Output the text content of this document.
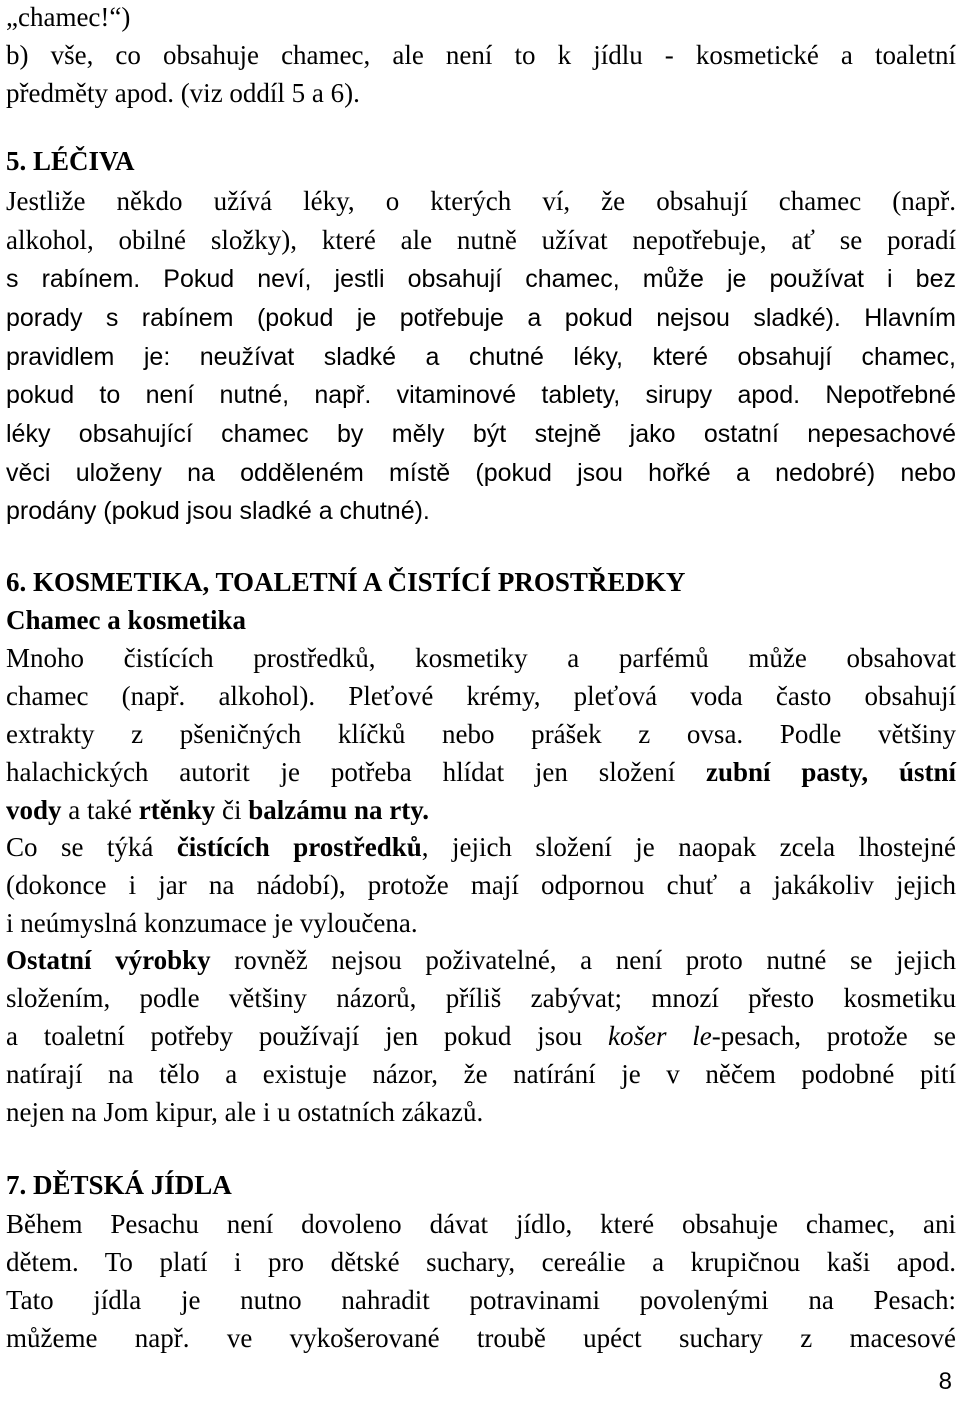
„chamec!“)
b) vše, co obsahuje chamec, ale není to k jídlu - kosmetické a toaletní
předměty apod. (viz oddíl 5 a 6).
5. LÉČIVA
Jestliže někdo užívá léky, o kterých ví, že obsahují chamec (např.
alkohol, obilné složky), které ale nutně užívat nepotřebuje, ať se poradí
s rabínem. Pokud neví, jestli obsahují chamec, může je používat i bez
porady s rabínem (pokud je potřebuje a pokud nejsou sladké). Hlavním
pravidlem je: neužívat sladké a chutné léky, které obsahují chamec,
pokud to není nutné, např. vitaminové tablety, sirupy apod. Nepotřebné
léky obsahující chamec by měly být stejně jako ostatní nepesachové
věci uloženy na odděleném místě (pokud jsou hořké a nedobré) nebo
prodány (pokud jsou sladké a chutné).
6. KOSMETIKA, TOALETNÍ A ČISTÍCÍ PROSTŘEDKY
Chamec a kosmetika
Mnoho čistících prostředků, kosmetiky a parfémů může obsahovat
chamec (např. alkohol). Pleťové krémy, pleťová voda často obsahují
extrakty z pšeničných klíčků nebo prášek z ovsa. Podle většiny
halachických autorit je potřeba hlídat jen složení zubní pasty, ústní
vody a také rtěnky či balzámu na rty.
Co se týká čistících prostředků, jejich složení je naopak zcela lhostejné
(dokonce i jar na nádobí), protože mají odpornou chuť a jakákoliv jejich
i neúmyslná konzumace je vyloučena.
Ostatní výrobky rovněž nejsou poživatelné, a není proto nutné se jejich
složením, podle většiny názorů, příliš zabývat; mnozí přesto kosmetiku
a toaletní potřeby používají jen pokud jsou košer le-pesach, protože se
natírají na tělo a existuje názor, že natírání je v něčem podobné pití
nejen na Jom kipur, ale i u ostatních zákazů.
7. DĚTSKÁ JÍDLA
Během Pesachu není dovoleno dávat jídlo, které obsahuje chamec, ani
dětem. To platí i pro dětské suchary, cereálie a krupičnou kaši apod.
Tato jídla je nutno nahradit potravinami povolenými na Pesach:
můžeme např. ve vykošerované troubě upéct suchary z macesové
8
